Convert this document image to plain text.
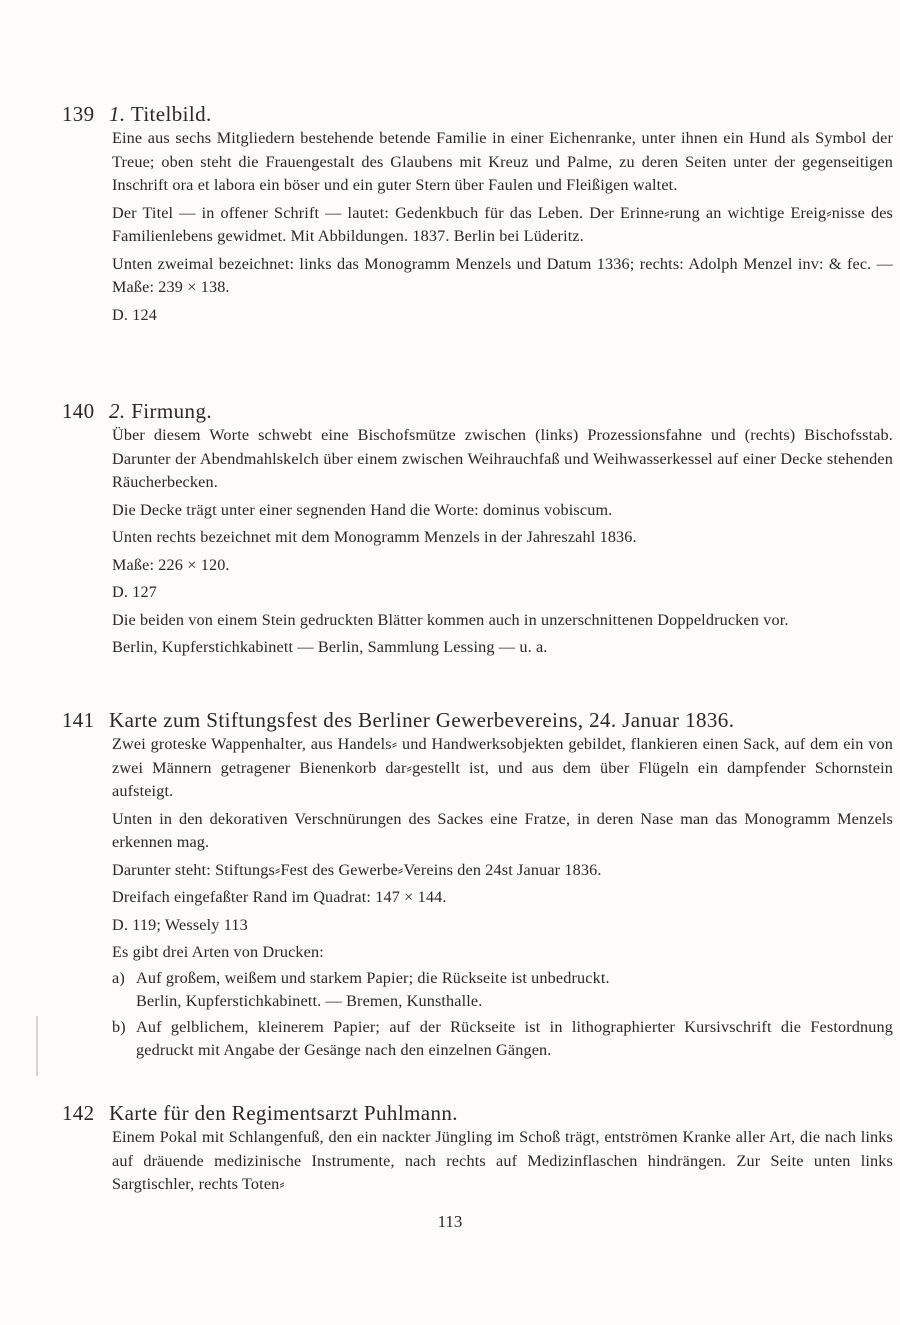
139 1. Titelbild.

Eine aus sechs Mitgliedern bestehende betende Familie in einer Eichenranke, unter ihnen ein Hund als Symbol der Treue; oben steht die Frauengestalt des Glaubens mit Kreuz und Palme, zu deren Seiten unter der gegenseitigen Inschrift ora et labora ein böser und ein guter Stern über Faulen und Fleißigen waltet.

Der Titel — in offener Schrift — lautet: Gedenkbuch für das Leben. Der Erinne⸗rung an wichtige Ereig⸗nisse des Familienlebens gewidmet. Mit Abbildungen. 1837. Berlin bei Lüderitz.

Unten zweimal bezeichnet: links das Monogramm Menzels und Datum 1336; rechts: Adolph Menzel inv: & fec. — Maße: 239 × 138.

D. 124

140 2. Firmung.

Über diesem Worte schwebt eine Bischofsmütze zwischen (links) Prozessionsfahne und (rechts) Bischofsstab. Darunter der Abendmahlskelch über einem zwischen Weihrauchfaß und Weihwasserkessel auf einer Decke stehenden Räucherbecken.

Die Decke trägt unter einer segnenden Hand die Worte: dominus vobiscum.

Unten rechts bezeichnet mit dem Monogramm Menzels in der Jahreszahl 1836.

Maße: 226 × 120.

D. 127

Die beiden von einem Stein gedruckten Blätter kommen auch in unzerschnittenen Doppeldrucken vor.

Berlin, Kupferstichkabinett — Berlin, Sammlung Lessing — u. a.

141 Karte zum Stiftungsfest des Berliner Gewerbevereins, 24. Januar 1836.

Zwei groteske Wappenhalter, aus Handels⸗ und Handwerksobjekten gebildet, flankieren einen Sack, auf dem ein von zwei Männern getragener Bienenkorb dar⸗gestellt ist, und aus dem über Flügeln ein dampfender Schornstein aufsteigt.

Unten in den dekorativen Verschnürungen des Sackes eine Fratze, in deren Nase man das Monogramm Menzels erkennen mag.

Darunter steht: Stiftungs⸗Fest des Gewerbe⸗Vereins den 24st Januar 1836.

Dreifach eingefaßter Rand im Quadrat: 147 × 144.

D. 119; Wessely 113

Es gibt drei Arten von Drucken:

a) Auf großem, weißem und starkem Papier; die Rückseite ist unbedruckt.
Berlin, Kupferstichkabinett. — Bremen, Kunsthalle.
b) Auf gelblichem, kleinerem Papier; auf der Rückseite ist in lithographierter Kursivschrift die Festordnung gedruckt mit Angabe der Gesänge nach den einzelnen Gängen.
142 Karte für den Regimentsarzt Puhlmann.

Einem Pokal mit Schlangenfuß, den ein nackter Jüngling im Schoß trägt, entströmen Kranke aller Art, die nach links auf dräuende medizinische Instrumente, nach rechts auf Medizinflaschen hindrängen. Zur Seite unten links Sargtischler, rechts Toten⸗

113
